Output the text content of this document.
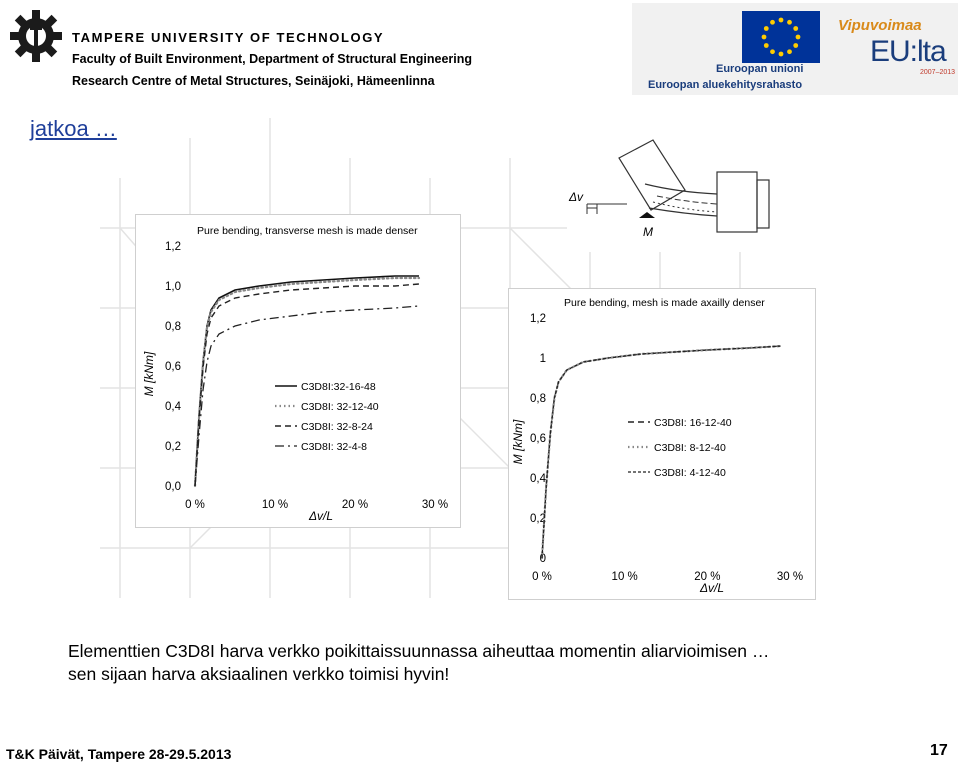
TAMPERE UNIVERSITY OF TECHNOLOGY
Faculty of Built Environment, Department of Structural Engineering
Research Centre of Metal Structures, Seinäjoki, Hämeenlinna
Euroopan unioni
Euroopan aluekehitysrahasto
Vipuvoimaa
EU:lta
2007–2013
jatkoa …
Δv
M
Pure bending, transverse mesh is made denser
0,0
0,2
0,4
0,6
0,8
1,0
1,2
0 %	10 %	20 %	30 %
Δv/L
M [kNm]	C3D8I:32-16-48
C3D8I: 32-12-40
C3D8I: 32-8-24
C3D8I: 32-4-8
Pure bending, mesh is made axailly denser
0
0,2
0,4
0,6
0,8
1
1,2
0 %	10 %	20 %	30 %
Δv/L
M [kNm]	C3D8I: 16-12-40
C3D8I: 8-12-40
C3D8I: 4-12-40
Elementtien C3D8I harva verkko poikittaissuunnassa aiheuttaa momentin aliarvioimisen …
sen sijaan harva aksiaalinen verkko toimisi hyvin!
T&K Päivät, Tampere 28-29.5.2013	17
